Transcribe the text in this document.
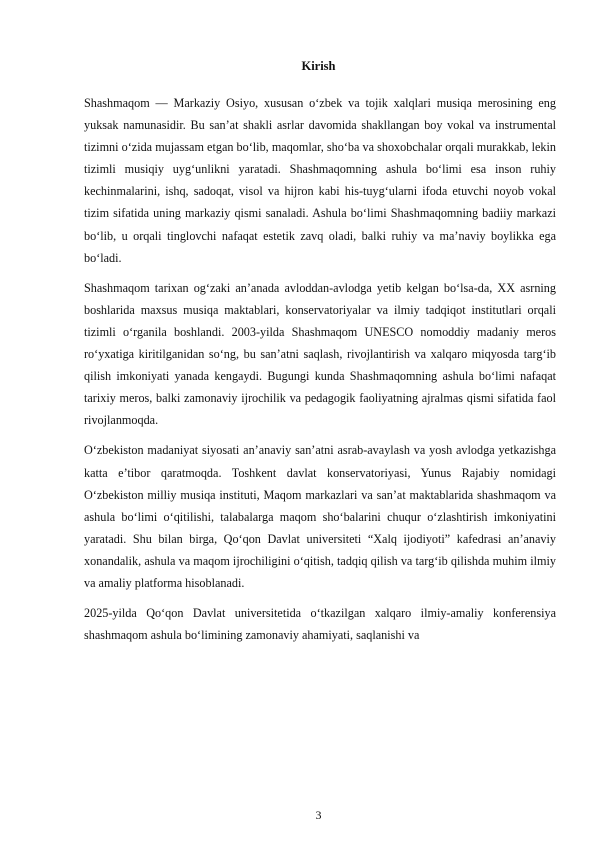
Kirish

Shashmaqom — Markaziy Osiyo, xususan o‘zbek va tojik xalqlari musiqa merosining eng yuksak namunasidir. Bu san’at shakli asrlar davomida shakllangan boy vokal va instrumental tizimni o‘zida mujassam etgan bo‘lib, maqomlar, sho‘ba va shoxobchalar orqali murakkab, lekin tizimli musiqiy uyg‘unlikni yaratadi. Shashmaqomning ashula bo‘limi esa inson ruhiy kechinmalarini, ishq, sadoqat, visol va hijron kabi his-tuyg‘ularni ifoda etuvchi noyob vokal tizim sifatida uning markaziy qismi sanaladi. Ashula bo‘limi Shashmaqomning badiiy markazi bo‘lib, u orqali tinglovchi nafaqat estetik zavq oladi, balki ruhiy va ma’naviy boylikka ega bo‘ladi.

Shashmaqom tarixan og‘zaki an’anada avloddan-avlodga yetib kelgan bo‘lsa-da, XX asrning boshlarida maxsus musiqa maktablari, konservatoriyalar va ilmiy tadqiqot institutlari orqali tizimli o‘rganila boshlandi. 2003-yilda Shashmaqom UNESCO nomoddiy madaniy meros ro‘yxatiga kiritilganidan so‘ng, bu san’atni saqlash, rivojlantirish va xalqaro miqyosda targ‘ib qilish imkoniyati yanada kengaydi. Bugungi kunda Shashmaqomning ashula bo‘limi nafaqat tarixiy meros, balki zamonaviy ijrochilik va pedagogik faoliyatning ajralmas qismi sifatida faol rivojlanmoqda.

O‘zbekiston madaniyat siyosati an’anaviy san’atni asrab-avaylash va yosh avlodga yetkazishga katta e’tibor qaratmoqda. Toshkent davlat konservatoriyasi, Yunus Rajabiy nomidagi O‘zbekiston milliy musiqa instituti, Maqom markazlari va san’at maktablarida shashmaqom va ashula bo‘limi o‘qitilishi, talabalarga maqom sho‘balarini chuqur o‘zlashtirish imkoniyatini yaratadi. Shu bilan birga, Qo‘qon Davlat universiteti “Xalq ijodiyoti” kafedrasi an’anaviy xonandalik, ashula va maqom ijrochiligini o‘qitish, tadqiq qilish va targ‘ib qilishda muhim ilmiy va amaliy platforma hisoblanadi.

2025-yilda Qo‘qon Davlat universitetida o‘tkazilgan xalqaro ilmiy-amaliy konferensiya shashmaqom ashula bo‘limining zamonaviy ahamiyati, saqlanishi va

3
